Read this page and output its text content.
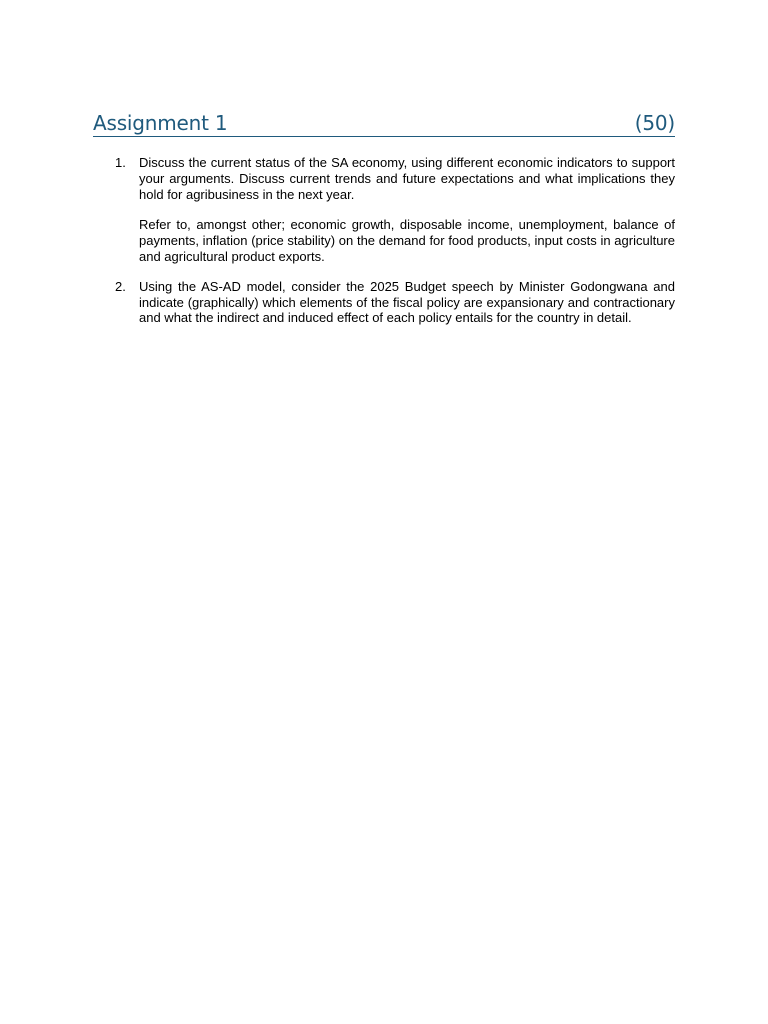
Assignment 1	(50)
1.	Discuss the current status of the SA economy, using different economic indicators to support your arguments. Discuss current trends and future expectations and what implications they hold for agribusiness in the next year.

Refer to, amongst other; economic growth, disposable income, unemployment, balance of payments, inflation (price stability) on the demand for food products, input costs in agriculture and agricultural product exports.

2.	Using the AS-AD model, consider the 2025 Budget speech by Minister Godongwana and indicate (graphically) which elements of the fiscal policy are expansionary and contractionary and what the indirect and induced effect of each policy entails for the country in detail.
